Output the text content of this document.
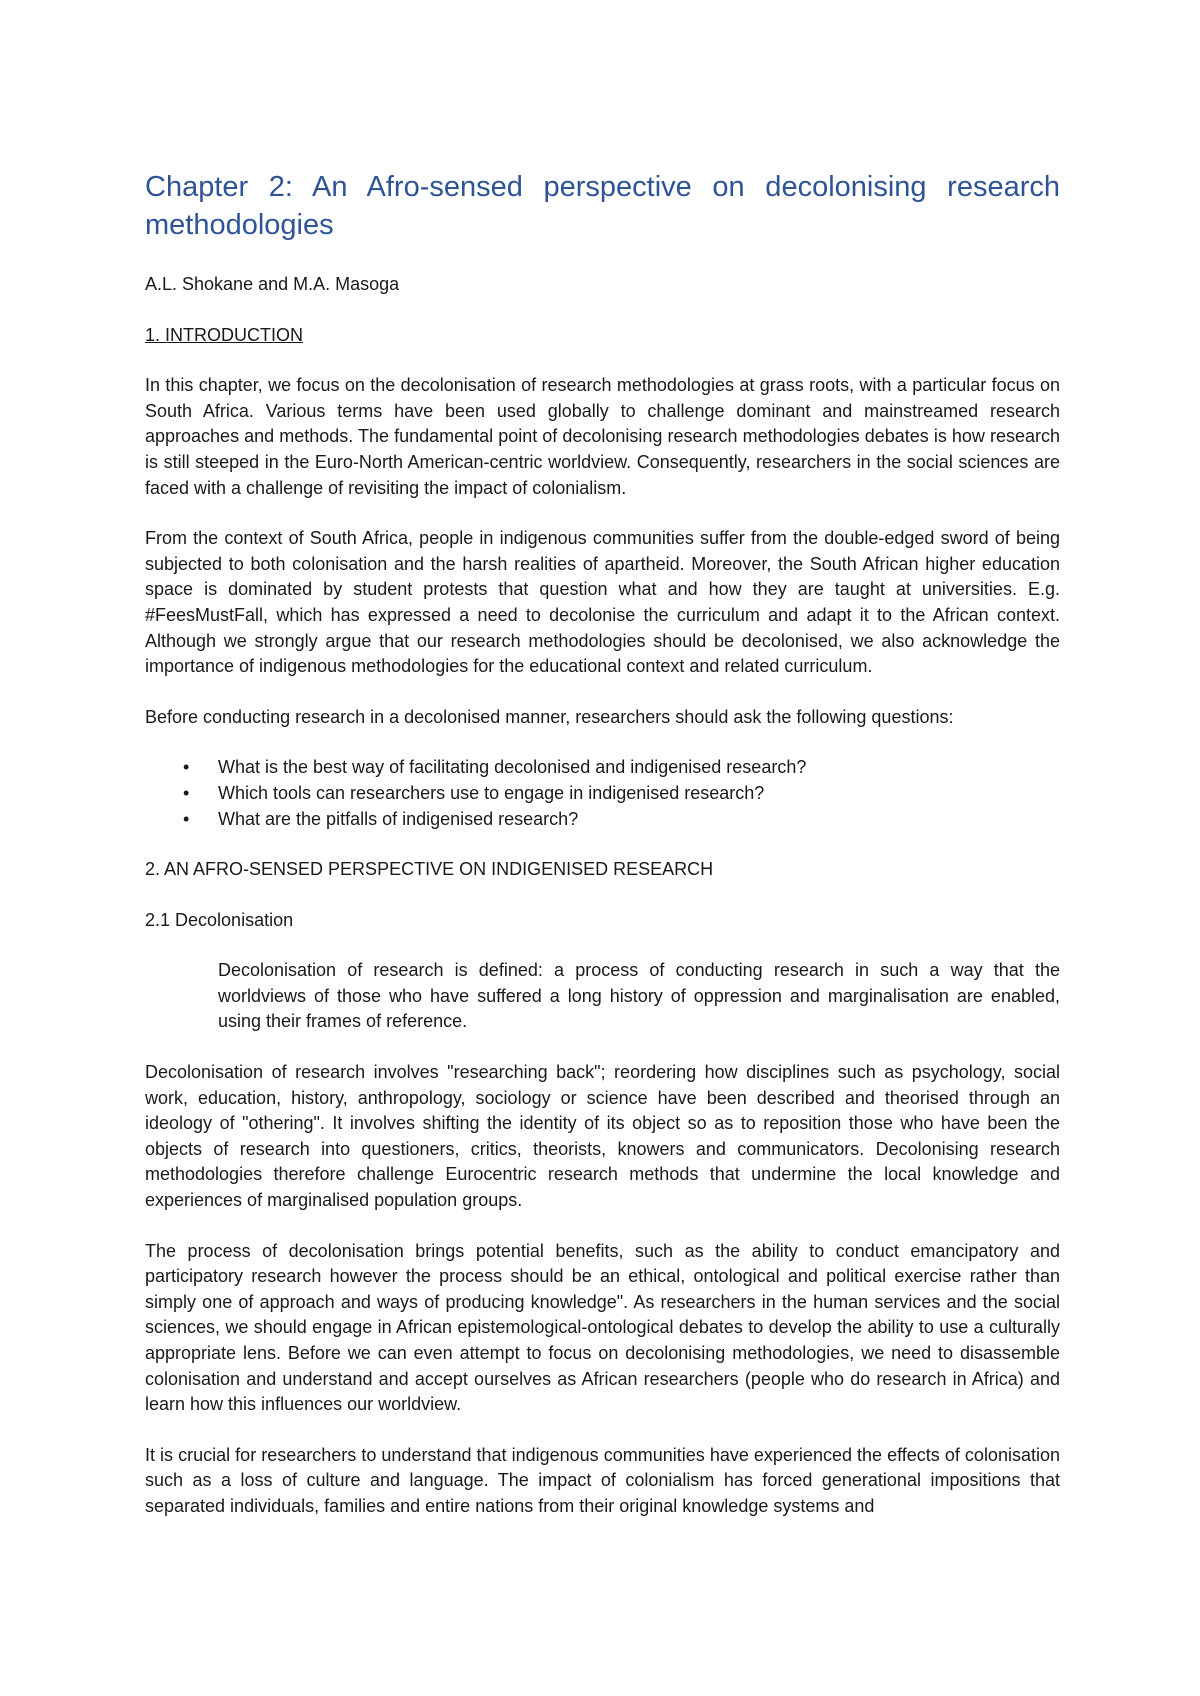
Chapter 2: An Afro-sensed perspective on decolonising research methodologies
A.L. Shokane and M.A. Masoga
1. INTRODUCTION

In this chapter, we focus on the decolonisation of research methodologies at grass roots, with a particular focus on South Africa. Various terms have been used globally to challenge dominant and mainstreamed research approaches and methods. The fundamental point of decolonising research methodologies debates is how research is still steeped in the Euro-North American-centric worldview. Consequently, researchers in the social sciences are faced with a challenge of revisiting the impact of colonialism.

From the context of South Africa, people in indigenous communities suffer from the double-edged sword of being subjected to both colonisation and the harsh realities of apartheid. Moreover, the South African higher education space is dominated by student protests that question what and how they are taught at universities. E.g. #FeesMustFall, which has expressed a need to decolonise the curriculum and adapt it to the African context. Although we strongly argue that our research methodologies should be decolonised, we also acknowledge the importance of indigenous methodologies for the educational context and related curriculum.

Before conducting research in a decolonised manner, researchers should ask the following questions:

• What is the best way of facilitating decolonised and indigenised research?
• Which tools can researchers use to engage in indigenised research?
• What are the pitfalls of indigenised research?
2. AN AFRO-SENSED PERSPECTIVE ON INDIGENISED RESEARCH
2.1 Decolonisation
Decolonisation of research is defined: a process of conducting research in such a way that the worldviews of those who have suffered a long history of oppression and marginalisation are enabled, using their frames of reference.

Decolonisation of research involves "researching back"; reordering how disciplines such as psychology, social work, education, history, anthropology, sociology or science have been described and theorised through an ideology of "othering". It involves shifting the identity of its object so as to reposition those who have been the objects of research into questioners, critics, theorists, knowers and communicators. Decolonising research methodologies therefore challenge Eurocentric research methods that undermine the local knowledge and experiences of marginalised population groups.

The process of decolonisation brings potential benefits, such as the ability to conduct emancipatory and participatory research however the process should be an ethical, ontological and political exercise rather than simply one of approach and ways of producing knowledge". As researchers in the human services and the social sciences, we should engage in African epistemological-ontological debates to develop the ability to use a culturally appropriate lens. Before we can even attempt to focus on decolonising methodologies, we need to disassemble colonisation and understand and accept ourselves as African researchers (people who do research in Africa) and learn how this influences our worldview.

It is crucial for researchers to understand that indigenous communities have experienced the effects of colonisation such as a loss of culture and language. The impact of colonialism has forced generational impositions that separated individuals, families and entire nations from their original knowledge systems and
